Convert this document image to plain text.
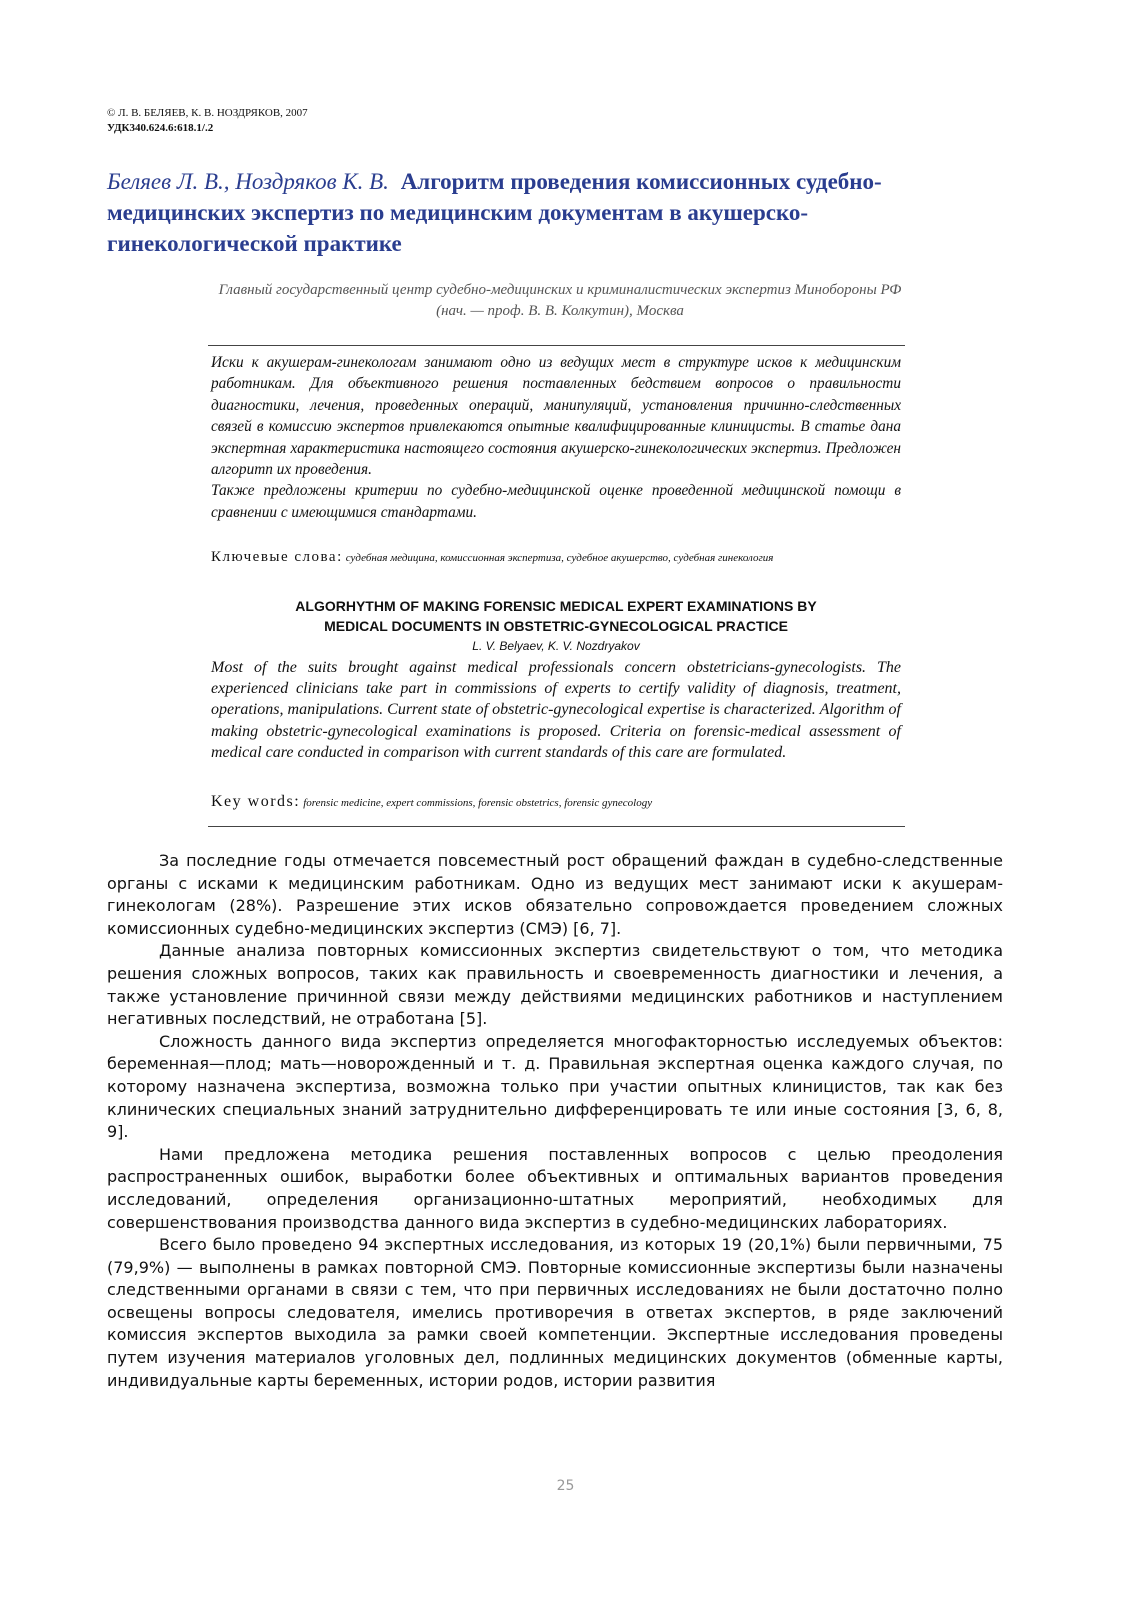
© Л. В. БЕЛЯЕВ, К. В. НОЗДРЯКОВ, 2007
УДК340.624.6:618.1/.2
Беляев Л. В., Ноздряков К. В. Алгоритм проведения комиссионных судебно-медицинских экспертиз по медицинским документам в акушерско-гинекологической практике
Главный государственный центр судебно-медицинских и криминалистических экспертиз Минобороны РФ
(нач. — проф. В. В. Колкутин), Москва

Иски к акушерам-гинекологам занимают одно из ведущих мест в структуре исков к медицинским работникам. Для объективного решения поставленных бедствием вопросов о правильности диагностики, лечения, проведенных операций, манипуляций, установления причинно-следственных связей в комиссию экспертов привлекаются опытные квалифицированные клиницисты. В статье дана экспертная характеристика настоящего состояния акушерско-гинекологических экспертиз. Предложен алгоритп их проведения.

Также предложены критерии по судебно-медицинской оценке проведенной медицинской помощи в сравнении с имеющимися стандартами.

Ключевые слова: судебная медицина, комиссионная экспертиза, судебное акушерство, судебная гинекология
ALGORHYTHM OF MAKING FORENSIC MEDICAL EXPERT EXAMINATIONS BY
MEDICAL DOCUMENTS IN OBSTETRIC-GYNECOLOGICAL PRACTICE
L. V. Belyaev, K. V. Nozdryakov
Most of the suits brought against medical professionals concern obstetricians-gynecologists. The experienced clinicians take part in commissions of experts to certify validity of diagnosis, treatment, operations, manipulations. Current state of obstetric-gynecological expertise is characterized. Algorithm of making obstetric-gynecological examinations is proposed. Criteria on forensic-medical assessment of medical care conducted in comparison with current standards of this care are formulated.
Key words: forensic medicine, expert commissions, forensic obstetrics, forensic gynecology

За последние годы отмечается повсеместный рост обращений фаждан в судебно-следственные органы с исками к медицинским работникам. Одно из ведущих мест занимают иски к акушерам-гинекологам (28%). Разрешение этих исков обязательно сопровождается проведением сложных комиссионных судебно-медицинских экспертиз (СМЭ) [6, 7].

Данные анализа повторных комиссионных экспертиз свидетельствуют о том, что методика решения сложных вопросов, таких как правильность и своевременность диагностики и лечения, а также установление причинной связи между действиями медицинских работников и наступлением негативных последствий, не отработана [5].

Сложность данного вида экспертиз определяется многофакторностью исследуемых объектов: беременная—плод; мать—новорожденный и т. д. Правильная экспертная оценка каждого случая, по которому назначена экспертиза, возможна только при участии опытных клиницистов, так как без клинических специальных знаний затруднительно дифференцировать те или иные состояния [3, 6, 8, 9].

Нами предложена методика решения поставленных вопросов с целью преодоления распространенных ошибок, выработки более объективных и оптимальных вариантов проведения исследований, определения организационно-штатных мероприятий, необходимых для совершенствования производства данного вида экспертиз в судебно-медицинских лабораториях.

Всего было проведено 94 экспертных исследования, из которых 19 (20,1%) были первичными, 75 (79,9%) — выполнены в рамках повторной СМЭ. Повторные комиссионные экспертизы были назначены следственными органами в связи с тем, что при первичных исследованиях не были достаточно полно освещены вопросы следователя, имелись противоречия в ответах экспертов, в ряде заключений комиссия экспертов выходила за рамки своей компетенции. Экспертные исследования проведены путем изучения материалов уголовных дел, подлинных медицинских документов (обменные карты, индивидуальные карты беременных, истории родов, истории развития

25
